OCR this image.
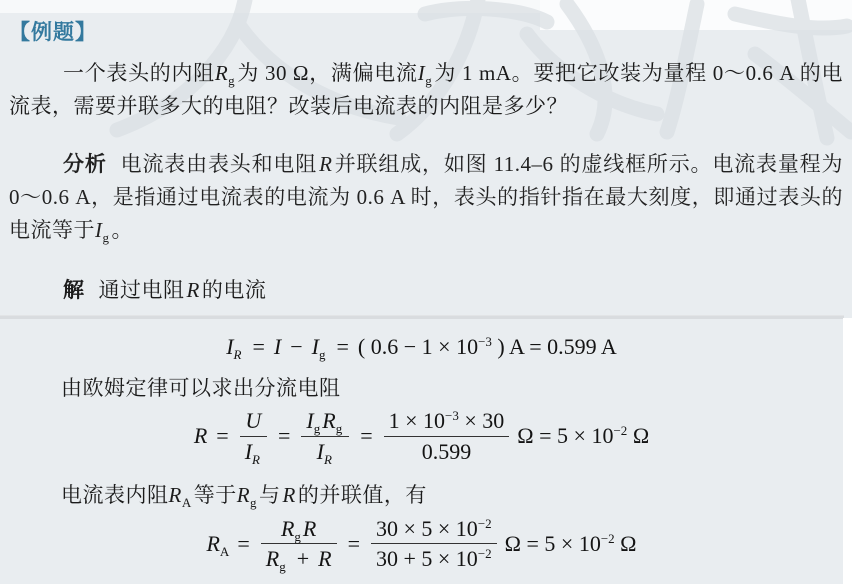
【例题】

一个表头的内阻$R_g$为 30 Ω，满偏电流$I_g$为 1 mA。要把它改装为量程 0～0.6 A 的电流表，需要并联多大的电阻？改装后电流表的内阻是多少？

分析 电流表由表头和电阻R并联组成，如图 11.4–6 的虚线框所示。电流表量程为 0～0.6 A，是指通过电流表的电流为 0.6 A 时，表头的指针指在最大刻度，即通过表头的电流等于$I_g$。

解 通过电阻R的电流

$I_R = I - I_g$ = ( $0.6 - 1 \times 10^{-3}$ ) A = 0.599 A

由欧姆定律可以求出分流电阻

$R = \frac{U}{I_R} = \frac{I_gR_g}{I_R} = \frac{1 \times 10^{-3} \times 30}{0.599}$ $\Omega = 5 \times 10^{-2}$ Ω

电流表内阻$R_A$等于$R_g$与R的并联值，有

$R_A = \frac{R_gR}{R_g + R} = \frac{30 \times 5 \times 10^{-2}}{30 + 5 \times 10^{-2}}$ $\Omega = 5 \times 10^{-2}$ Ω
